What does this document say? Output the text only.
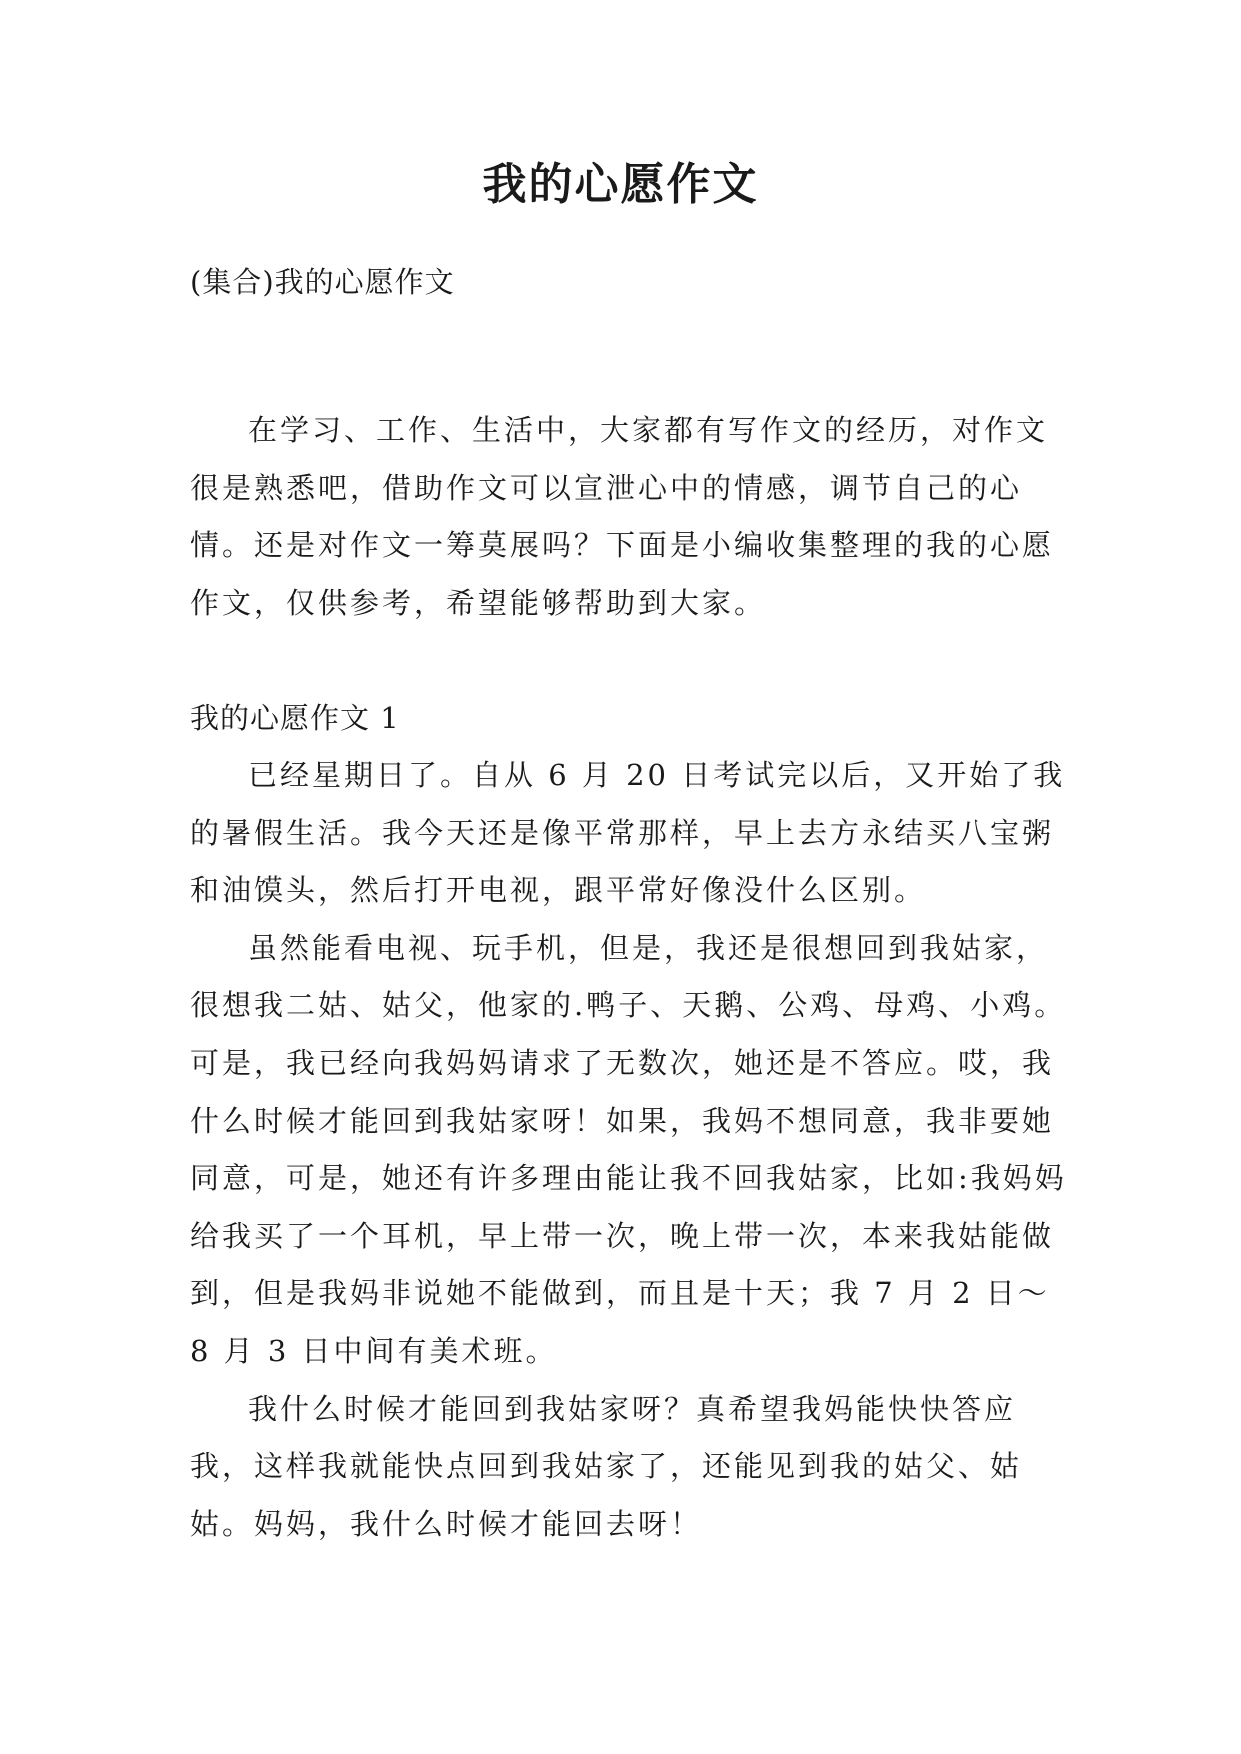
我的心愿作文
(集合)我的心愿作文

在学习、工作、生活中，大家都有写作文的经历，对作文很是熟悉吧，借助作文可以宣泄心中的情感，调节自己的心情。还是对作文一筹莫展吗？下面是小编收集整理的我的心愿作文，仅供参考，希望能够帮助到大家。

我的心愿作文 1

已经星期日了。自从 6 月 20 日考试完以后，又开始了我的暑假生活。我今天还是像平常那样，早上去方永结买八宝粥和油馍头，然后打开电视，跟平常好像没什么区别。

虽然能看电视、玩手机，但是，我还是很想回到我姑家，很想我二姑、姑父，他家的.鸭子、天鹅、公鸡、母鸡、小鸡。可是，我已经向我妈妈请求了无数次，她还是不答应。哎，我什么时候才能回到我姑家呀！如果，我妈不想同意，我非要她同意，可是，她还有许多理由能让我不回我姑家，比如:我妈妈给我买了一个耳机，早上带一次，晚上带一次，本来我姑能做到，但是我妈非说她不能做到，而且是十天；我 7 月 2 日～8 月 3 日中间有美术班。

我什么时候才能回到我姑家呀？真希望我妈能快快答应我，这样我就能快点回到我姑家了，还能见到我的姑父、姑姑。妈妈，我什么时候才能回去呀！
